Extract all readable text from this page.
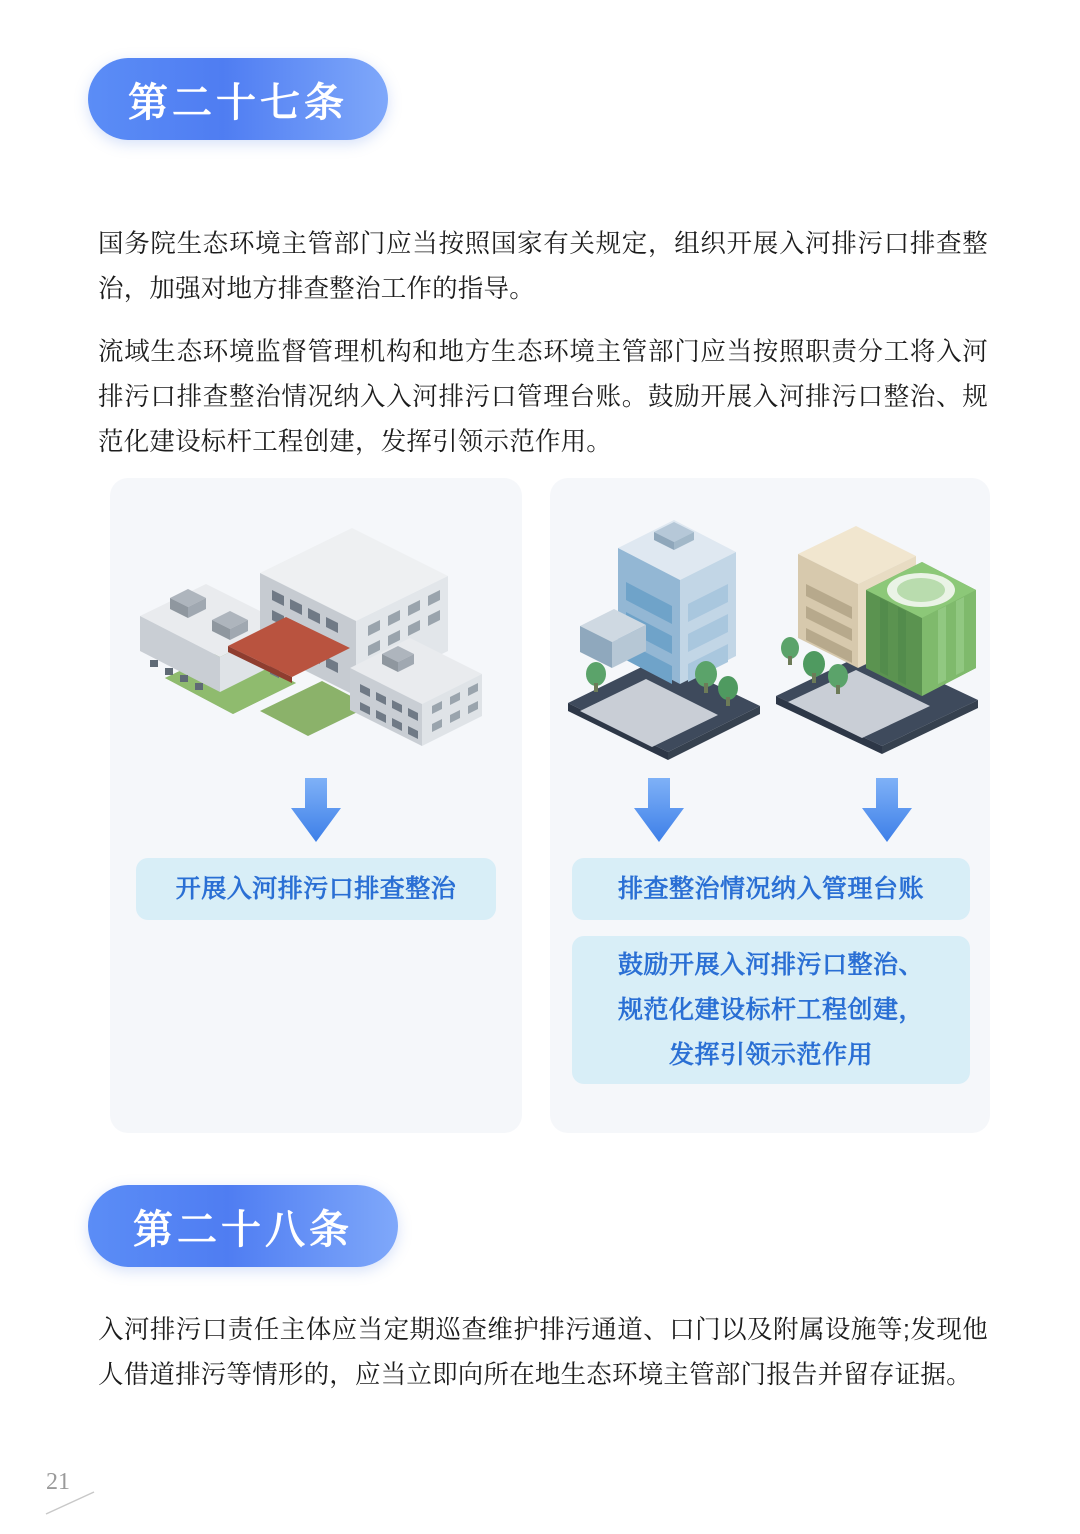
第二十七条
国务院生态环境主管部门应当按照国家有关规定，组织开展入河排污口排查整治，加强对地方排查整治工作的指导。
流域生态环境监督管理机构和地方生态环境主管部门应当按照职责分工将入河排污口排查整治情况纳入入河排污口管理台账。鼓励开展入河排污口整治、规范化建设标杆工程创建，发挥引领示范作用。
开展入河排污口排查整治	排查整治情况纳入管理台账
鼓励开展入河排污口整治、
规范化建设标杆工程创建，
发挥引领示范作用
第二十八条
入河排污口责任主体应当定期巡查维护排污通道、口门以及附属设施等;发现他人借道排污等情形的，应当立即向所在地生态环境主管部门报告并留存证据。
21
